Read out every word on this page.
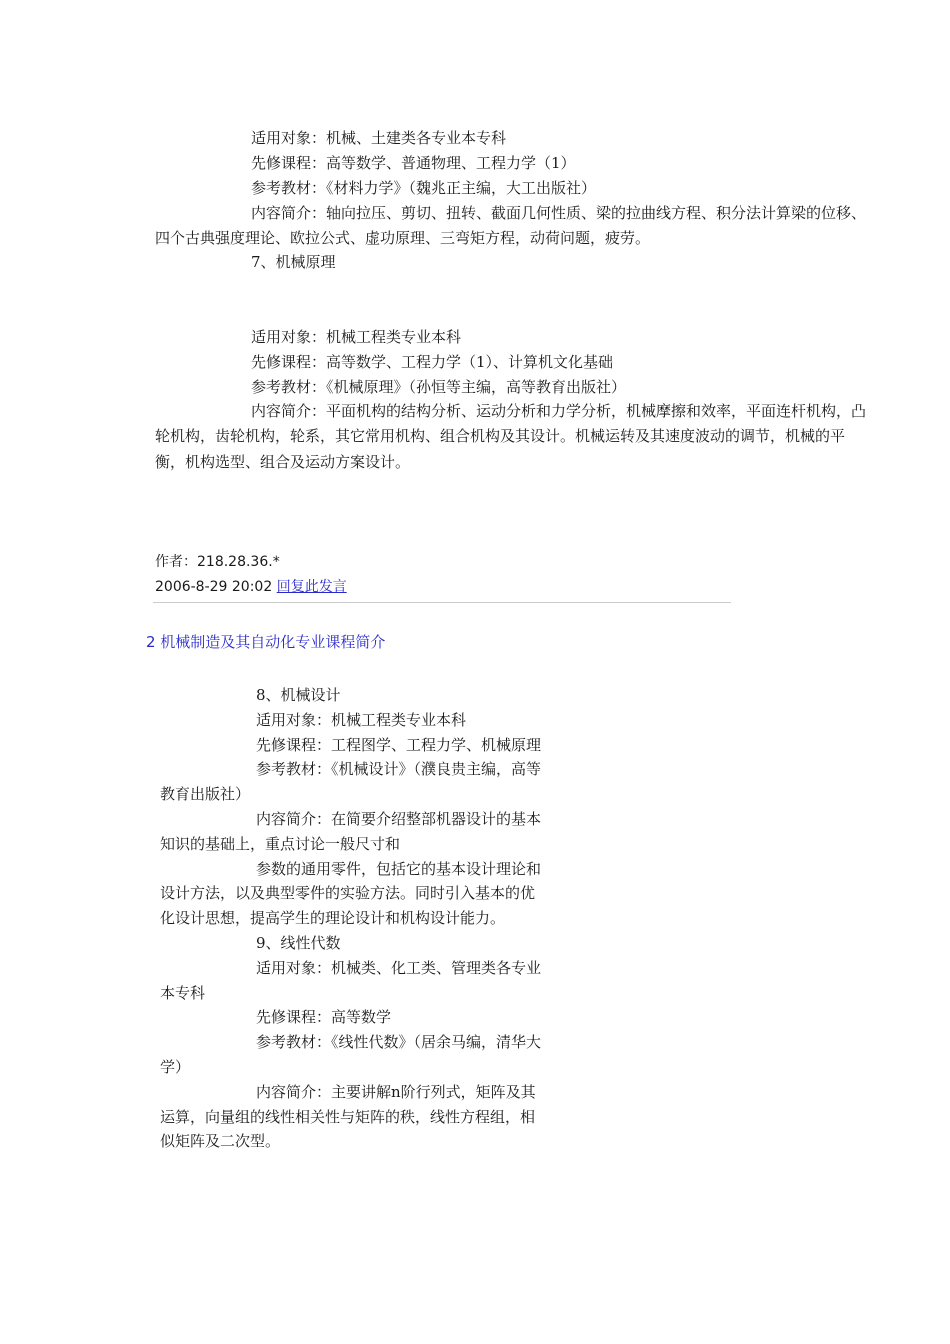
适用对象：机械、土建类各专业本专科

先修课程：高等数学、普通物理、工程力学（1）

参考教材：《材料力学》（魏兆正主编，大工出版社）

内容简介：轴向拉压、剪切、扭转、截面几何性质、梁的拉曲线方程、积分法计算梁的位移、

四个古典强度理论、欧拉公式、虚功原理、三弯矩方程，动荷问题，疲劳。

7、机械原理

适用对象：机械工程类专业本科

先修课程：高等数学、工程力学（1）、计算机文化基础

参考教材：《机械原理》（孙恒等主编，高等教育出版社）

内容简介：平面机构的结构分析、运动分析和力学分析，机械摩擦和效率，平面连杆机构，凸

轮机构，齿轮机构，轮系，其它常用机构、组合机构及其设计。机械运转及其速度波动的调节，机械的平

衡，机构选型、组合及运动方案设计。

作者：218.28.36.*
2006-8-29 20:02 回复此发言
2 机械制造及其自动化专业课程简介

8、机械设计

适用对象：机械工程类专业本科

先修课程：工程图学、工程力学、机械原理

参考教材：《机械设计》（濮良贵主编，高等教育出版社）

内容简介：在简要介绍整部机器设计的基本知识的基础上，重点讨论一般尺寸和

参数的通用零件，包括它的基本设计理论和设计方法，以及典型零件的实验方法。同时引入基本的优化设计思想，提高学生的理论设计和机构设计能力。

9、线性代数

适用对象：机械类、化工类、管理类各专业本专科

先修课程：高等数学

参考教材：《线性代数》（居余马编，清华大学）

内容简介：主要讲解n阶行列式，矩阵及其运算，向量组的线性相关性与矩阵的秩，线性方程组，相似矩阵及二次型。
